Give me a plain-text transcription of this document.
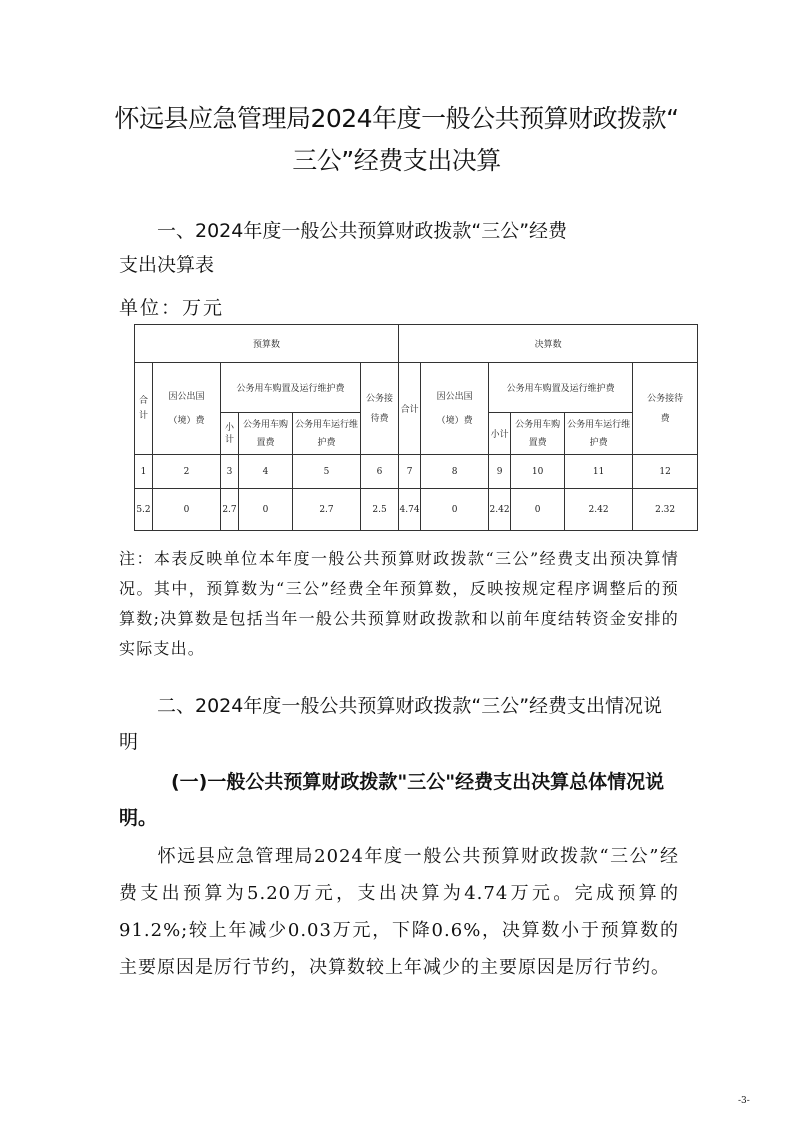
怀远县应急管理局2024年度一般公共预算财政拨款“
三公”经费支出决算
一、2024年度一般公共预算财政拨款“三公”经费
支出决算表
单位：万元
预算数						决算数					
合计	因公出国（境）费	公务用车购置及运行维护费			公务接待费	合计	因公出国（境）费	公务用车购置及运行维护费			公务接待费
		小计	公务用车购置费	公务用车运行维护费				小计	公务用车购置费	公务用车运行维护费	
1	2	3	4	5	6	7	8	9	10	11	12
5.2	0	2.7	0	2.7	2.5	4.74	0	2.42	0	2.42	2.32
注：本表反映单位本年度一般公共预算财政拨款“三公”经费支出预决算情况。其中，预算数为“三公”经费全年预算数，反映按规定程序调整后的预算数;决算数是包括当年一般公共预算财政拨款和以前年度结转资金安排的实际支出。
二、2024年度一般公共预算财政拨款“三公”经费支出情况说明
(一)一般公共预算财政拨款"三公"经费支出决算总体情况说明。
怀远县应急管理局2024年度一般公共预算财政拨款“三公”经费支出预算为5.20万元，支出决算为4.74万元。完成预算的91.2%;较上年减少0.03万元，下降0.6%，决算数小于预算数的主要原因是厉行节约，决算数较上年减少的主要原因是厉行节约。
-3-
